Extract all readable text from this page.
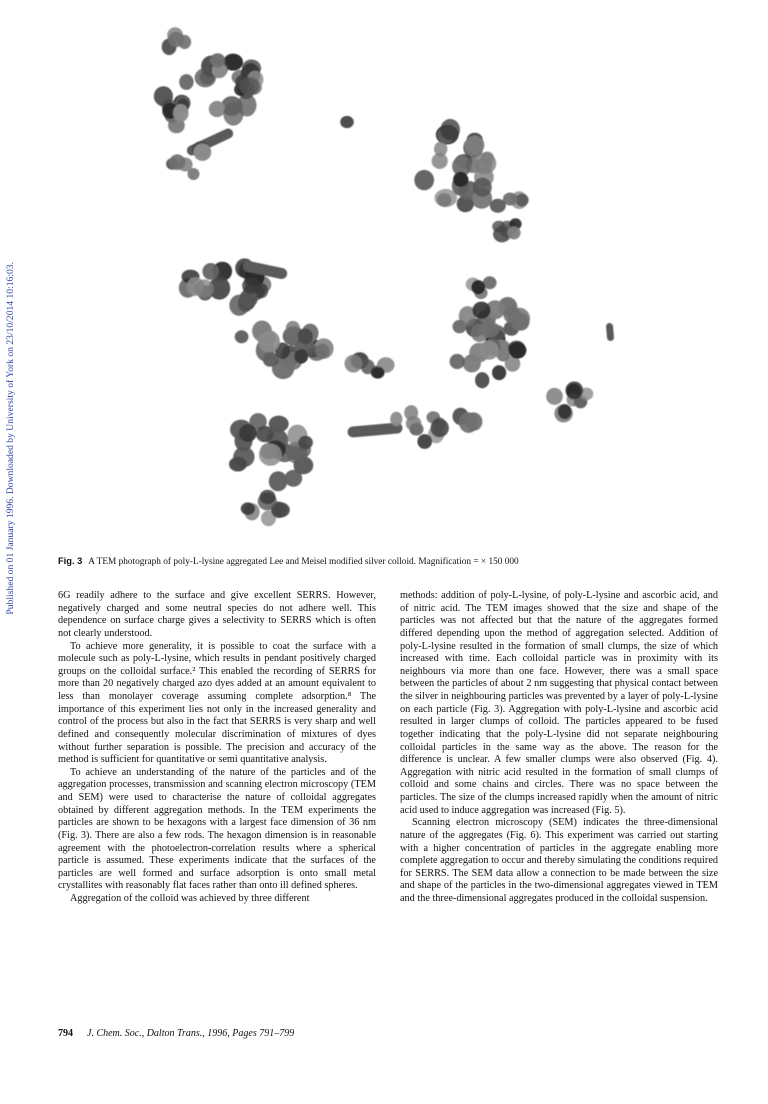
Published on 01 January 1996. Downloaded by University of York on 23/10/2014 10:16:03.	Fig. 3 A TEM photograph of poly-L-lysine aggregated Lee and Meisel modified silver colloid. Magnification = × 150 000

6G readily adhere to the surface and give excellent SERRS. However, negatively charged and some neutral species do not adhere well. This dependence on surface charge gives a selectivity to SERRS which is often not clearly understood.

To achieve more generality, it is possible to coat the surface with a molecule such as poly-L-lysine, which results in pendant positively charged groups on the colloidal surface.² This enabled the recording of SERRS for more than 20 negatively charged azo dyes added at an amount equivalent to less than monolayer coverage assuming complete adsorption.⁸ The importance of this experiment lies not only in the increased generality and control of the process but also in the fact that SERRS is very sharp and well defined and consequently molecular discrimination of mixtures of dyes without further separation is possible. The precision and accuracy of the method is sufficient for quantitative or semi quantitative analysis.

To achieve an understanding of the nature of the particles and of the aggregation processes, transmission and scanning electron microscopy (TEM and SEM) were used to characterise the nature of colloidal aggregates obtained by different aggregation methods. In the TEM experiments the particles are shown to be hexagons with a largest face dimension of 36 nm (Fig. 3). There are also a few rods. The hexagon dimension is in reasonable agreement with the photoelectron-correlation results where a spherical particle is assumed. These experiments indicate that the surfaces of the particles are well formed and surface adsorption is onto small metal crystallites with reasonably flat faces rather than onto ill defined spheres.

Aggregation of the colloid was achieved by three different

methods: addition of poly-L-lysine, of poly-L-lysine and ascorbic acid, and of nitric acid. The TEM images showed that the size and shape of the particles was not affected but that the nature of the aggregates formed differed depending upon the method of aggregation selected. Addition of poly-L-lysine resulted in the formation of small clumps, the size of which increased with time. Each colloidal particle was in proximity with its neighbours via more than one face. However, there was a small space between the particles of about 2 nm suggesting that physical contact between the silver in neighbouring particles was prevented by a layer of poly-L-lysine on each particle (Fig. 3). Aggregation with poly-L-lysine and ascorbic acid resulted in larger clumps of colloid. The particles appeared to be fused together indicating that the poly-L-lysine did not separate neighbouring colloidal particles in the same way as the above. The reason for the difference is unclear. A few smaller clumps were also observed (Fig. 4). Aggregation with nitric acid resulted in the formation of small clumps of colloid and some chains and circles. There was no space between the particles. The size of the clumps increased rapidly when the amount of nitric acid used to induce aggregation was increased (Fig. 5).

Scanning electron microscopy (SEM) indicates the three-dimensional nature of the aggregates (Fig. 6). This experiment was carried out starting with a higher concentration of particles in the aggregate enabling more complete aggregation to occur and thereby simulating the conditions required for SERRS. The SEM data allow a connection to be made between the size and shape of the particles in the two-dimensional aggregates viewed in TEM and the three-dimensional aggregates produced in the colloidal suspension.

794 J. Chem. Soc., Dalton Trans., 1996, Pages 791–799
